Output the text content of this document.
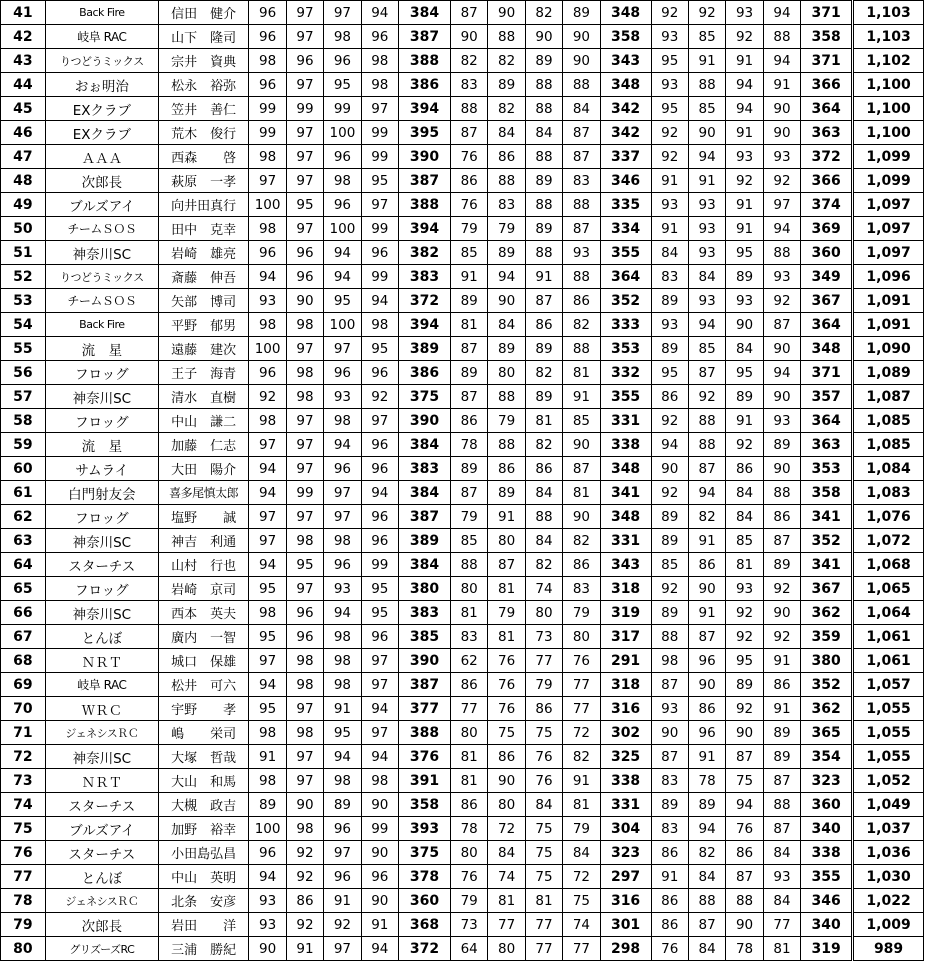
41	Back Fire	信田　健介	96	97	97	94	384	87	90	82	89	348	92	92	93	94	371	1,103
42	岐阜 RAC	山下　隆司	96	97	98	96	387	90	88	90	90	358	93	85	92	88	358	1,103
43	りつどうミックス	宗井　資典	98	96	96	98	388	82	82	89	90	343	95	91	91	94	371	1,102
44	おぉ明治	松永　裕弥	96	97	95	98	386	83	89	88	88	348	93	88	94	91	366	1,100
45	EXクラブ	笠井　善仁	99	99	99	97	394	88	82	88	84	342	95	85	94	90	364	1,100
46	EXクラブ	荒木　俊行	99	97	100	99	395	87	84	84	87	342	92	90	91	90	363	1,100
47	ＡＡＡ	西森　　啓	98	97	96	99	390	76	86	88	87	337	92	94	93	93	372	1,099
48	次郎長	萩原　一孝	97	97	98	95	387	86	88	89	83	346	91	91	92	92	366	1,099
49	ブルズアイ	向井田真行	100	95	96	97	388	76	83	88	88	335	93	93	91	97	374	1,097
50	チームＳＯＳ	田中　克幸	98	97	100	99	394	79	79	89	87	334	91	93	91	94	369	1,097
51	神奈川SC	岩崎　雄亮	96	96	94	96	382	85	89	88	93	355	84	93	95	88	360	1,097
52	りつどうミックス	斎藤　伸吾	94	96	94	99	383	91	94	91	88	364	83	84	89	93	349	1,096
53	チームＳＯＳ	矢部　博司	93	90	95	94	372	89	90	87	86	352	89	93	93	92	367	1,091
54	Back Fire	平野　郁男	98	98	100	98	394	81	84	86	82	333	93	94	90	87	364	1,091
55	流　星	遠藤　建次	100	97	97	95	389	87	89	89	88	353	89	85	84	90	348	1,090
56	フロッグ	王子　海青	96	98	96	96	386	89	80	82	81	332	95	87	95	94	371	1,089
57	神奈川SC	清水　直樹	92	98	93	92	375	87	88	89	91	355	86	92	89	90	357	1,087
58	フロッグ	中山　謙二	98	97	98	97	390	86	79	81	85	331	92	88	91	93	364	1,085
59	流　星	加藤　仁志	97	97	94	96	384	78	88	82	90	338	94	88	92	89	363	1,085
60	サムライ	大田　陽介	94	97	96	96	383	89	86	86	87	348	90	87	86	90	353	1,084
61	白門射友会	喜多尾慎太郎	94	99	97	94	384	87	89	84	81	341	92	94	84	88	358	1,083
62	フロッグ	塩野　　誠	97	97	97	96	387	79	91	88	90	348	89	82	84	86	341	1,076
63	神奈川SC	神吉　利通	97	98	98	96	389	85	80	84	82	331	89	91	85	87	352	1,072
64	スターチス	山村　行也	94	95	96	99	384	88	87	82	86	343	85	86	81	89	341	1,068
65	フロッグ	岩崎　京司	95	97	93	95	380	80	81	74	83	318	92	90	93	92	367	1,065
66	神奈川SC	西本　英夫	98	96	94	95	383	81	79	80	79	319	89	91	92	90	362	1,064
67	とんぼ	廣内　一智	95	96	98	96	385	83	81	73	80	317	88	87	92	92	359	1,061
68	ＮＲＴ	城口　保雄	97	98	98	97	390	62	76	77	76	291	98	96	95	91	380	1,061
69	岐阜 RAC	松井　可六	94	98	98	97	387	86	76	79	77	318	87	90	89	86	352	1,057
70	ＷＲＣ	宇野　　孝	95	97	91	94	377	77	76	86	77	316	93	86	92	91	362	1,055
71	ジェネシスＲＣ	嶋　　栄司	98	98	95	97	388	80	75	75	72	302	90	96	90	89	365	1,055
72	神奈川SC	大塚　哲哉	91	97	94	94	376	81	86	76	82	325	87	91	87	89	354	1,055
73	ＮＲＴ	大山　和馬	98	97	98	98	391	81	90	76	91	338	83	78	75	87	323	1,052
74	スターチス	大槻　政吉	89	90	89	90	358	86	80	84	81	331	89	89	94	88	360	1,049
75	ブルズアイ	加野　裕幸	100	98	96	99	393	78	72	75	79	304	83	94	76	87	340	1,037
76	スターチス	小田島弘昌	96	92	97	90	375	80	84	75	84	323	86	82	86	84	338	1,036
77	とんぼ	中山　英明	94	92	96	96	378	76	74	75	72	297	91	84	87	93	355	1,030
78	ジェネシスＲＣ	北条　安彦	93	86	91	90	360	79	81	81	75	316	86	88	88	84	346	1,022
79	次郎長	岩田　　洋	93	92	92	91	368	73	77	77	74	301	86	87	90	77	340	1,009
80	グリズーズRC	三浦　勝紀	90	91	97	94	372	64	80	77	77	298	76	84	78	81	319	989
